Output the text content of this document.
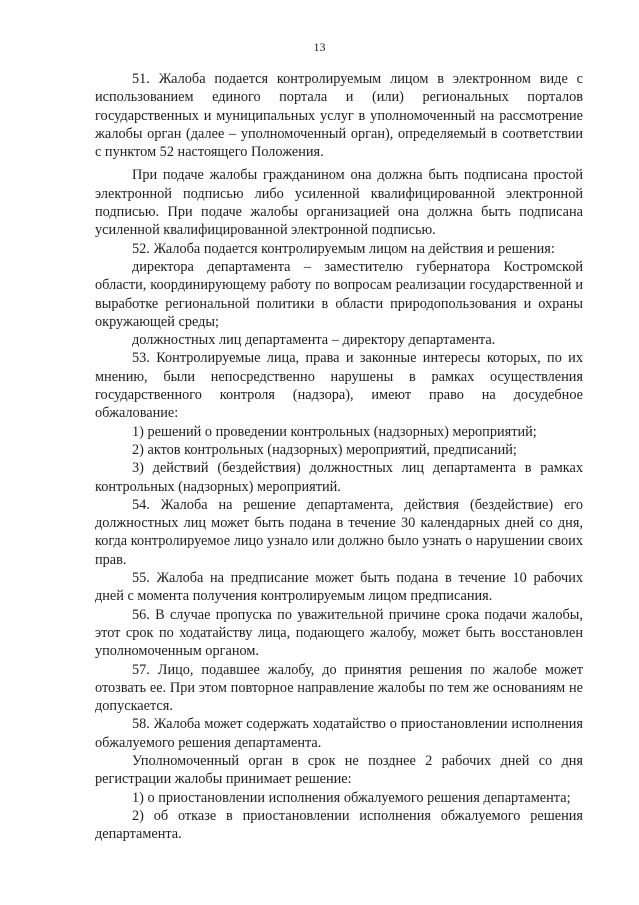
13

51. Жалоба подается контролируемым лицом в электронном виде с использованием единого портала и (или) региональных порталов государственных и муниципальных услуг в уполномоченный на рассмотрение жалобы орган (далее – уполномоченный орган), определяемый в соответствии с пунктом 52 настоящего Положения.

При подаче жалобы гражданином она должна быть подписана простой электронной подписью либо усиленной квалифицированной электронной подписью. При подаче жалобы организацией она должна быть подписана усиленной квалифицированной электронной подписью.

52. Жалоба подается контролируемым лицом на действия и решения:

директора департамента – заместителю губернатора Костромской области, координирующему работу по вопросам реализации государственной и выработке региональной политики в области природопользования и охраны окружающей среды;

должностных лиц департамента – директору департамента.

53. Контролируемые лица, права и законные интересы которых, по их мнению, были непосредственно нарушены в рамках осуществления государственного контроля (надзора), имеют право на досудебное обжалование:

1) решений о проведении контрольных (надзорных) мероприятий;

2) актов контрольных (надзорных) мероприятий, предписаний;

3) действий (бездействия) должностных лиц департамента в рамках контрольных (надзорных) мероприятий.

54. Жалоба на решение департамента, действия (бездействие) его должностных лиц может быть подана в течение 30 календарных дней со дня, когда контролируемое лицо узнало или должно было узнать о нарушении своих прав.

55. Жалоба на предписание может быть подана в течение 10 рабочих дней с момента получения контролируемым лицом предписания.

56. В случае пропуска по уважительной причине срока подачи жалобы, этот срок по ходатайству лица, подающего жалобу, может быть восстановлен уполномоченным органом.

57. Лицо, подавшее жалобу, до принятия решения по жалобе может отозвать ее. При этом повторное направление жалобы по тем же основаниям не допускается.

58. Жалоба может содержать ходатайство о приостановлении исполнения обжалуемого решения департамента.

Уполномоченный орган в срок не позднее 2 рабочих дней со дня регистрации жалобы принимает решение:

1) о приостановлении исполнения обжалуемого решения департамента;

2) об отказе в приостановлении исполнения обжалуемого решения департамента.
